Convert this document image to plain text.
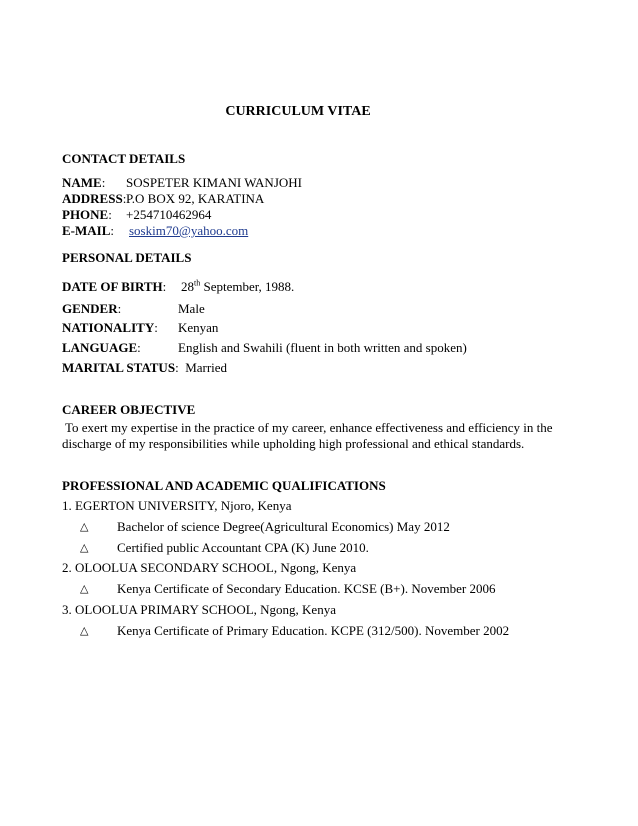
CURRICULUM VITAE
CONTACT DETAILS
NAME: SOSPETER KIMANI WANJOHI
ADDRESS: P.O BOX 92, KARATINA
PHONE: +254710462964
E-MAIL: soskim70@yahoo.com
PERSONAL DETAILS
DATE OF BIRTH: 28th September, 1988.
GENDER:	Male
NATIONALITY: Kenyan
LANGUAGE:	English and Swahili (fluent in both written and spoken)
MARITAL STATUS:  Married
CAREER OBJECTIVE
To exert my expertise in the practice of my career, enhance effectiveness and efficiency in the
discharge of my responsibilities while upholding high professional and ethical standards.
PROFESSIONAL AND ACADEMIC QUALIFICATIONS
1. EGERTON UNIVERSITY, Njoro, Kenya
△ Bachelor of science Degree(Agricultural Economics) May 2012
△ Certified public Accountant CPA (K) June 2010.
2. OLOOLUA SECONDARY SCHOOL, Ngong, Kenya
△ Kenya Certificate of Secondary Education. KCSE (B+). November 2006
3. OLOOLUA PRIMARY SCHOOL, Ngong, Kenya
△ Kenya Certificate of Primary Education. KCPE (312/500). November 2002
